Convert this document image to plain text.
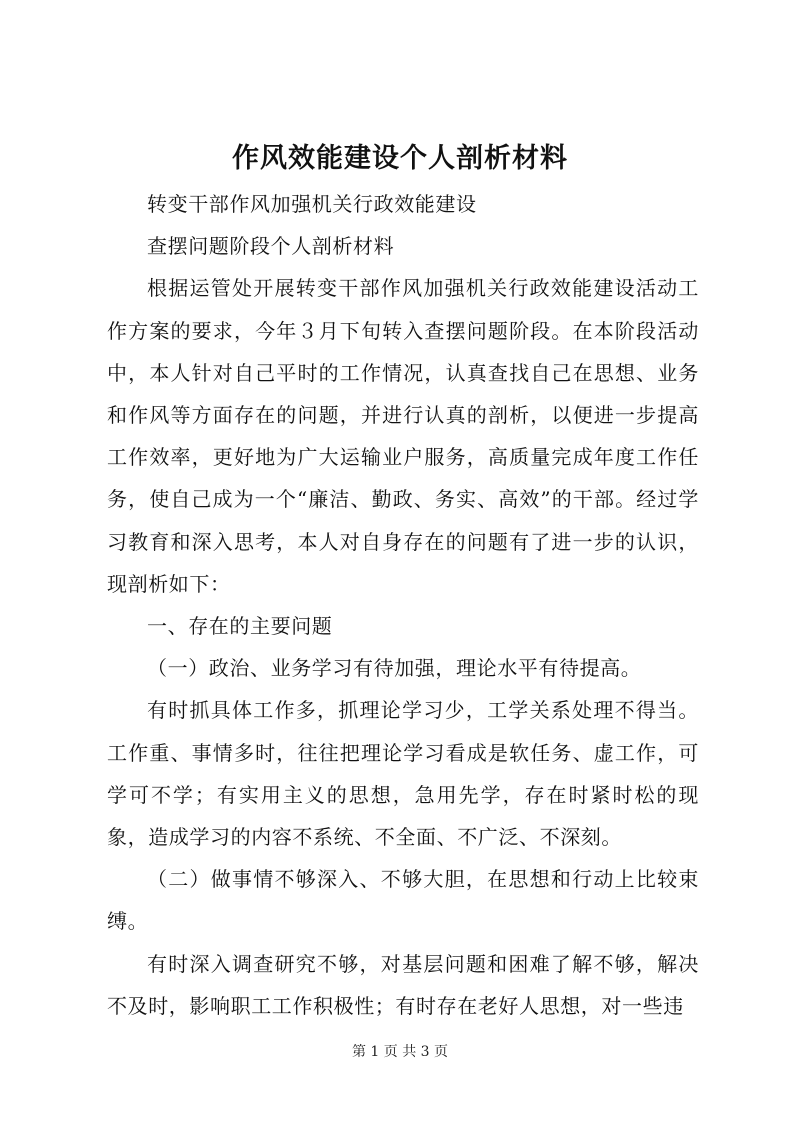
作风效能建设个人剖析材料

转变干部作风加强机关行政效能建设

查摆问题阶段个人剖析材料

根据运管处开展转变干部作风加强机关行政效能建设活动工作方案的要求，今年３月下旬转入查摆问题阶段。在本阶段活动中，本人针对自己平时的工作情况，认真查找自己在思想、业务和作风等方面存在的问题，并进行认真的剖析，以便进一步提高工作效率，更好地为广大运输业户服务，高质量完成年度工作任务，使自己成为一个“廉洁、勤政、务实、高效”的干部。经过学习教育和深入思考，本人对自身存在的问题有了进一步的认识，现剖析如下：

一、存在的主要问题

（一）政治、业务学习有待加强，理论水平有待提高。

有时抓具体工作多，抓理论学习少，工学关系处理不得当。工作重、事情多时，往往把理论学习看成是软任务、虚工作，可学可不学；有实用主义的思想，急用先学，存在时紧时松的现象，造成学习的内容不系统、不全面、不广泛、不深刻。

（二）做事情不够深入、不够大胆，在思想和行动上比较束缚。

有时深入调查研究不够，对基层问题和困难了解不够，解决不及时，影响职工工作积极性；有时存在老好人思想，对一些违

第 1 页 共 3 页
